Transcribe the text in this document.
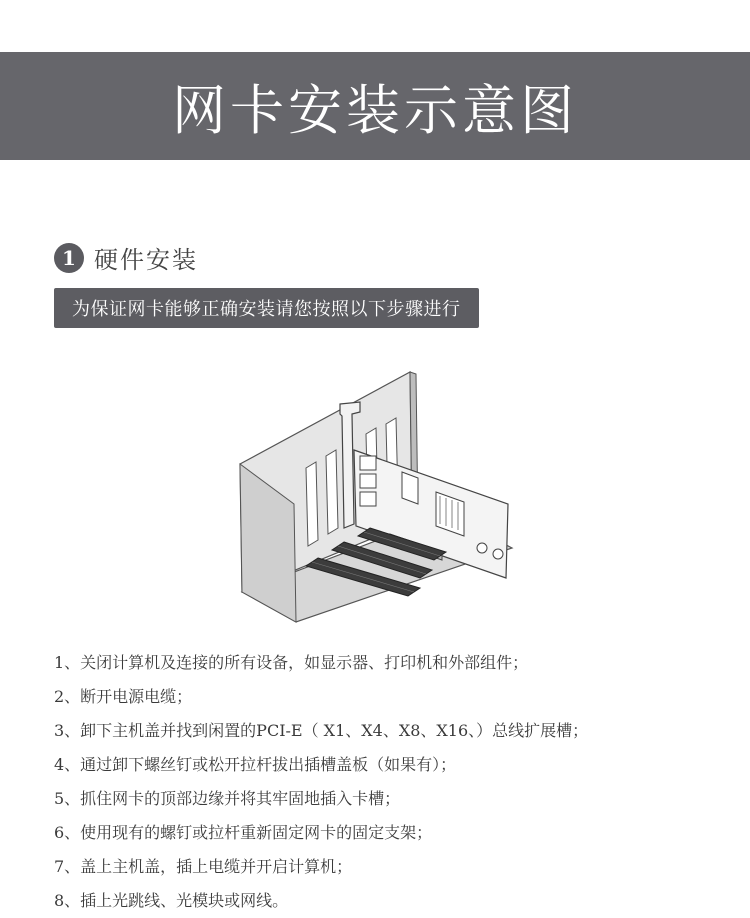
网卡安装示意图
1 硬件安装
为保证网卡能够正确安装请您按照以下步骤进行
1、关闭计算机及连接的所有设备，如显示器、打印机和外部组件；
2、断开电源电缆；
3、卸下主机盖并找到闲置的PCI-E（ X1、X4、X8、X16、）总线扩展槽；
4、通过卸下螺丝钉或松开拉杆拔出插槽盖板（如果有）；
5、抓住网卡的顶部边缘并将其牢固地插入卡槽；
6、使用现有的螺钉或拉杆重新固定网卡的固定支架；
7、盖上主机盖，插上电缆并开启计算机；
8、插上光跳线、光模块或网线。
